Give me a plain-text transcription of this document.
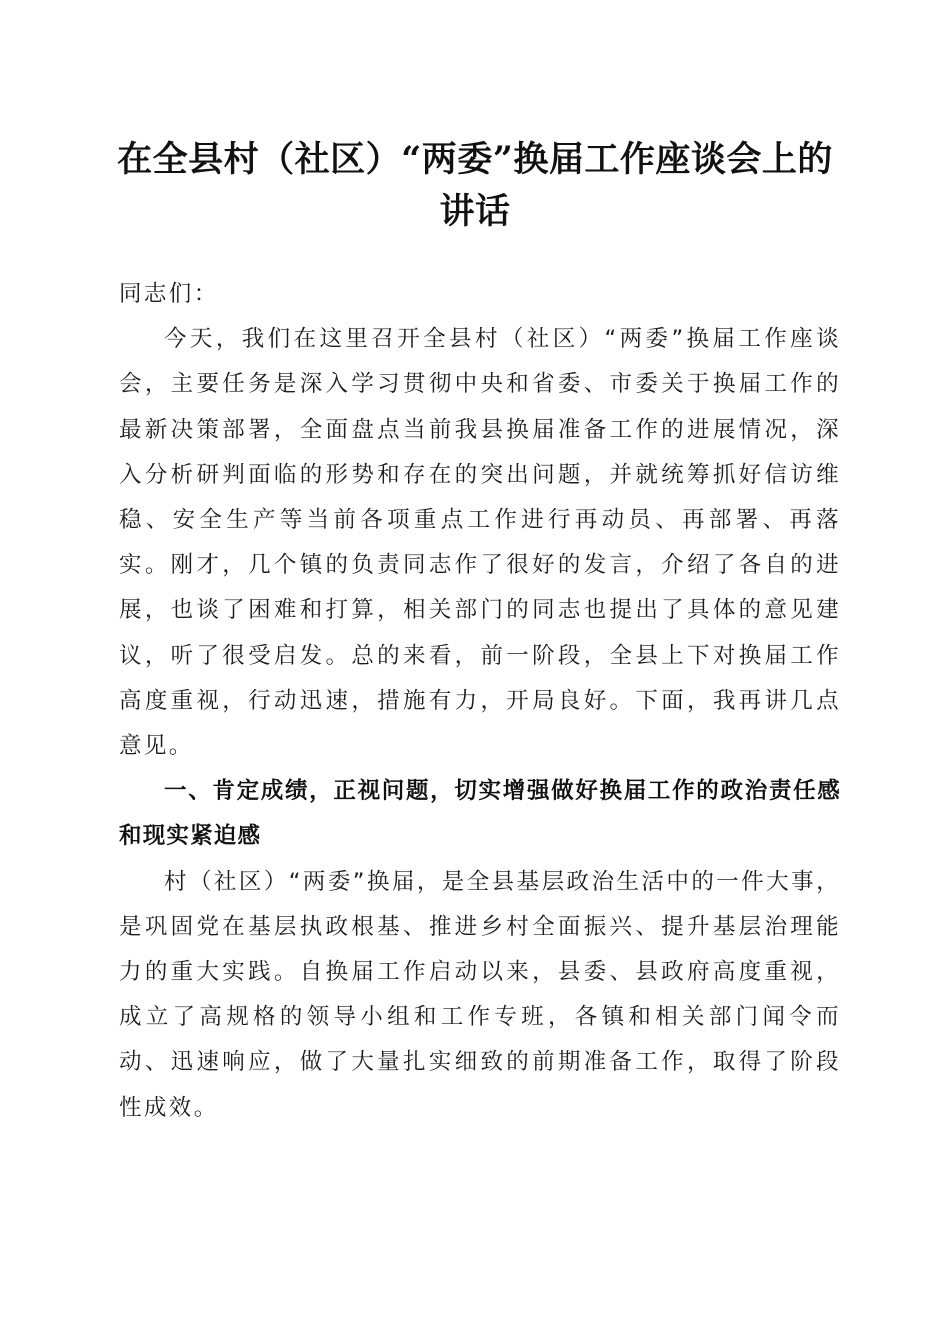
在全县村（社区）“两委”换届工作座谈会上的讲话

同志们：

今天，我们在这里召开全县村（社区）“两委”换届工作座谈会，主要任务是深入学习贯彻中央和省委、市委关于换届工作的最新决策部署，全面盘点当前我县换届准备工作的进展情况，深入分析研判面临的形势和存在的突出问题，并就统筹抓好信访维稳、安全生产等当前各项重点工作进行再动员、再部署、再落实。刚才，几个镇的负责同志作了很好的发言，介绍了各自的进展，也谈了困难和打算，相关部门的同志也提出了具体的意见建议，听了很受启发。总的来看，前一阶段，全县上下对换届工作高度重视，行动迅速，措施有力，开局良好。下面，我再讲几点意见。

一、肯定成绩，正视问题，切实增强做好换届工作的政治责任感和现实紧迫感

村（社区）“两委”换届，是全县基层政治生活中的一件大事，是巩固党在基层执政根基、推进乡村全面振兴、提升基层治理能力的重大实践。自换届工作启动以来，县委、县政府高度重视，成立了高规格的领导小组和工作专班，各镇和相关部门闻令而动、迅速响应，做了大量扎实细致的前期准备工作，取得了阶段性成效。
